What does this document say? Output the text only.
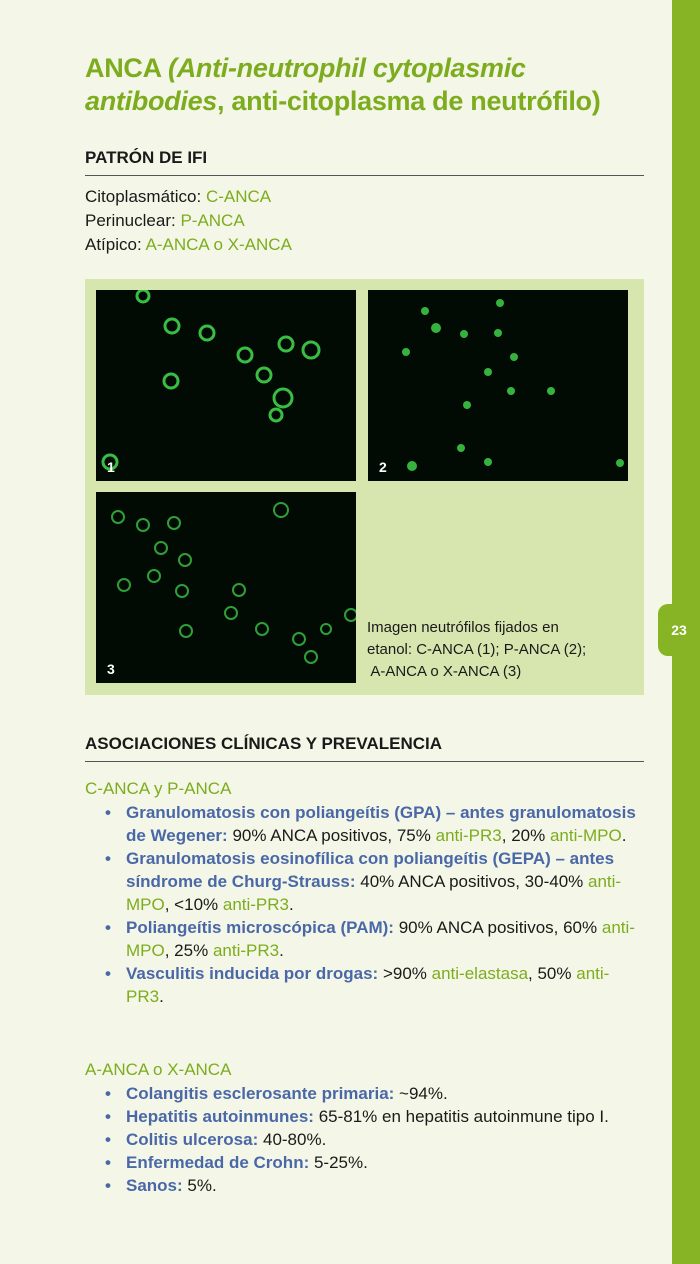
23
ANCA (Anti-neutrophil cytoplasmic antibodies, anti-citoplasma de neutrófilo)
PATRÓN DE IFI
Citoplasmático: C-ANCA
Perinuclear: P-ANCA
Atípico: A-ANCA o X-ANCA
1	2
3
Imagen neutrófilos fijados en
etanol: C-ANCA (1); P-ANCA (2);
A-ANCA o X-ANCA (3)
ASOCIACIONES CLÍNICAS Y PREVALENCIA
C-ANCA y P-ANCA
• Granulomatosis con poliangeítis (GPA) – antes granulomatosis de Wegener: 90% ANCA positivos, 75% anti-PR3, 20% anti-MPO.
• Granulomatosis eosinofílica con poliangeítis (GEPA) – antes síndrome de Churg-Strauss: 40% ANCA positivos, 30-40% anti-MPO, <10% anti-PR3.
• Poliangeítis microscópica (PAM): 90% ANCA positivos, 60% anti-MPO, 25% anti-PR3.
• Vasculitis inducida por drogas: >90% anti-elastasa, 50% anti-PR3.
A-ANCA o X-ANCA
• Colangitis esclerosante primaria: ~94%.
• Hepatitis autoinmunes: 65-81% en hepatitis autoinmune tipo I.
• Colitis ulcerosa: 40-80%.
• Enfermedad de Crohn: 5-25%.
• Sanos: 5%.
